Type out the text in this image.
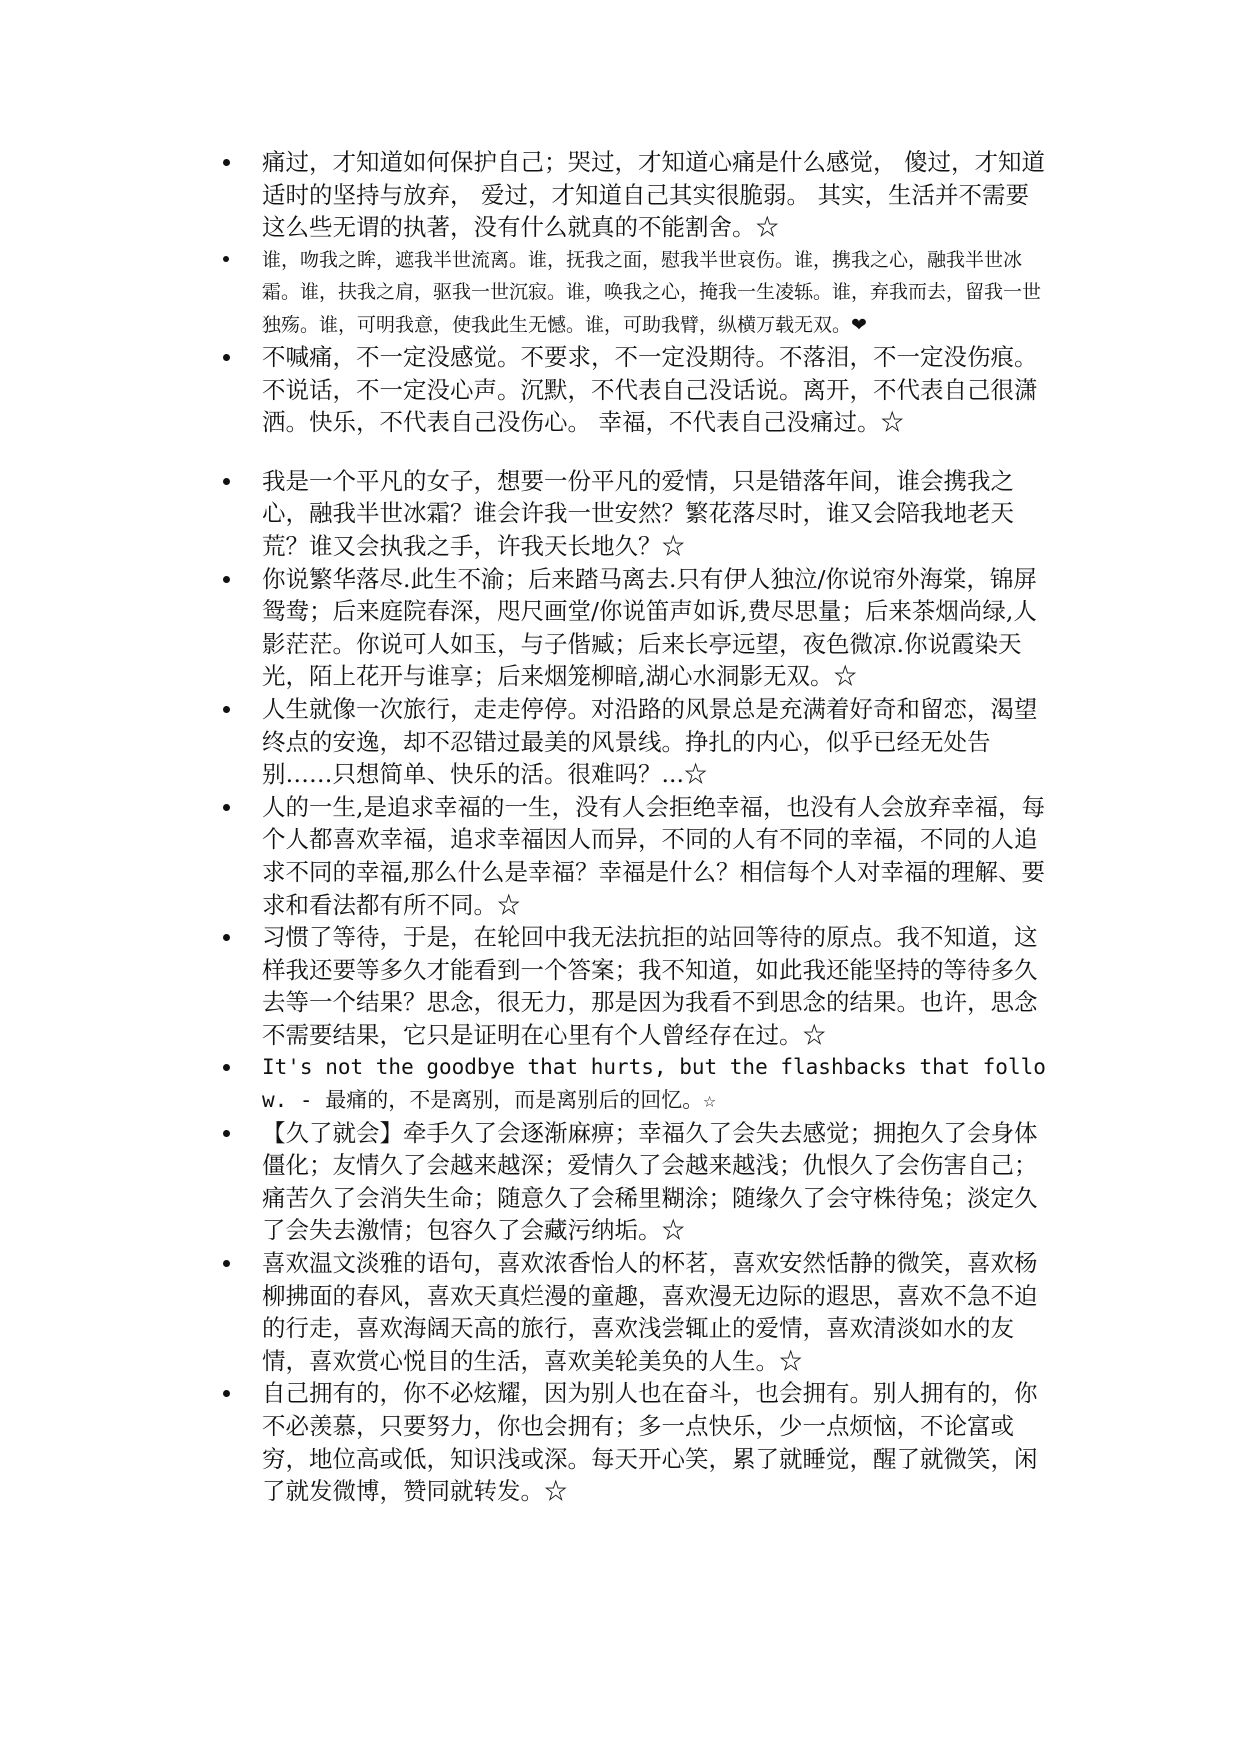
痛过，才知道如何保护自己；哭过，才知道心痛是什么感觉， 傻过，才知道适时的坚持与放弃， 爱过，才知道自己其实很脆弱。 其实，生活并不需要这么些无谓的执著，没有什么就真的不能割舍。☆
谁，吻我之眸，遮我半世流离。谁，抚我之面，慰我半世哀伤。谁，携我之心，融我半世冰霜。谁，扶我之肩，驱我一世沉寂。谁，唤我之心，掩我一生凌轹。谁，弃我而去，留我一世独殇。谁，可明我意，使我此生无憾。谁，可助我臂，纵横万载无双。❤
不喊痛，不一定没感觉。不要求，不一定没期待。不落泪，不一定没伤痕。不说话，不一定没心声。沉默，不代表自己没话说。离开，不代表自己很潇洒。快乐，不代表自己没伤心。 幸福，不代表自己没痛过。☆
我是一个平凡的女子，想要一份平凡的爱情，只是错落年间，谁会携我之心，融我半世冰霜？谁会许我一世安然？繁花落尽时，谁又会陪我地老天荒？谁又会执我之手，许我天长地久？☆
你说繁华落尽.此生不渝；后来踏马离去.只有伊人独泣/你说帘外海棠，锦屏鸳鸯；后来庭院春深，咫尺画堂/你说笛声如诉,费尽思量；后来茶烟尚绿,人影茫茫。你说可人如玉，与子偕臧；后来长亭远望，夜色微凉.你说霞染天光，陌上花开与谁享；后来烟笼柳暗,湖心水洞影无双。☆
人生就像一次旅行，走走停停。对沿路的风景总是充满着好奇和留恋，渴望终点的安逸，却不忍错过最美的风景线。挣扎的内心，似乎已经无处告别……只想简单、快乐的活。很难吗？...☆
人的一生,是追求幸福的一生，没有人会拒绝幸福，也没有人会放弃幸福，每个人都喜欢幸福，追求幸福因人而异，不同的人有不同的幸福，不同的人追求不同的幸福,那么什么是幸福？幸福是什么？相信每个人对幸福的理解、要求和看法都有所不同。☆
习惯了等待，于是，在轮回中我无法抗拒的站回等待的原点。我不知道，这样我还要等多久才能看到一个答案；我不知道，如此我还能坚持的等待多久去等一个结果？思念，很无力，那是因为我看不到思念的结果。也许，思念不需要结果，它只是证明在心里有个人曾经存在过。☆
It's not the goodbye that hurts, but the flashbacks that follow. - 最痛的，不是离别，而是离别后的回忆。☆
【久了就会】牵手久了会逐渐麻痹；幸福久了会失去感觉；拥抱久了会身体僵化；友情久了会越来越深；爱情久了会越来越浅；仇恨久了会伤害自己；痛苦久了会消失生命；随意久了会稀里糊涂；随缘久了会守株待兔；淡定久了会失去激情；包容久了会藏污纳垢。☆
喜欢温文淡雅的语句，喜欢浓香怡人的杯茗，喜欢安然恬静的微笑，喜欢杨柳拂面的春风，喜欢天真烂漫的童趣，喜欢漫无边际的遐思，喜欢不急不迫的行走，喜欢海阔天高的旅行，喜欢浅尝辄止的爱情，喜欢清淡如水的友情，喜欢赏心悦目的生活，喜欢美轮美奂的人生。☆
自己拥有的，你不必炫耀，因为别人也在奋斗，也会拥有。别人拥有的，你不必羡慕，只要努力，你也会拥有；多一点快乐，少一点烦恼，不论富或穷，地位高或低，知识浅或深。每天开心笑，累了就睡觉，醒了就微笑，闲了就发微博，赞同就转发。☆
